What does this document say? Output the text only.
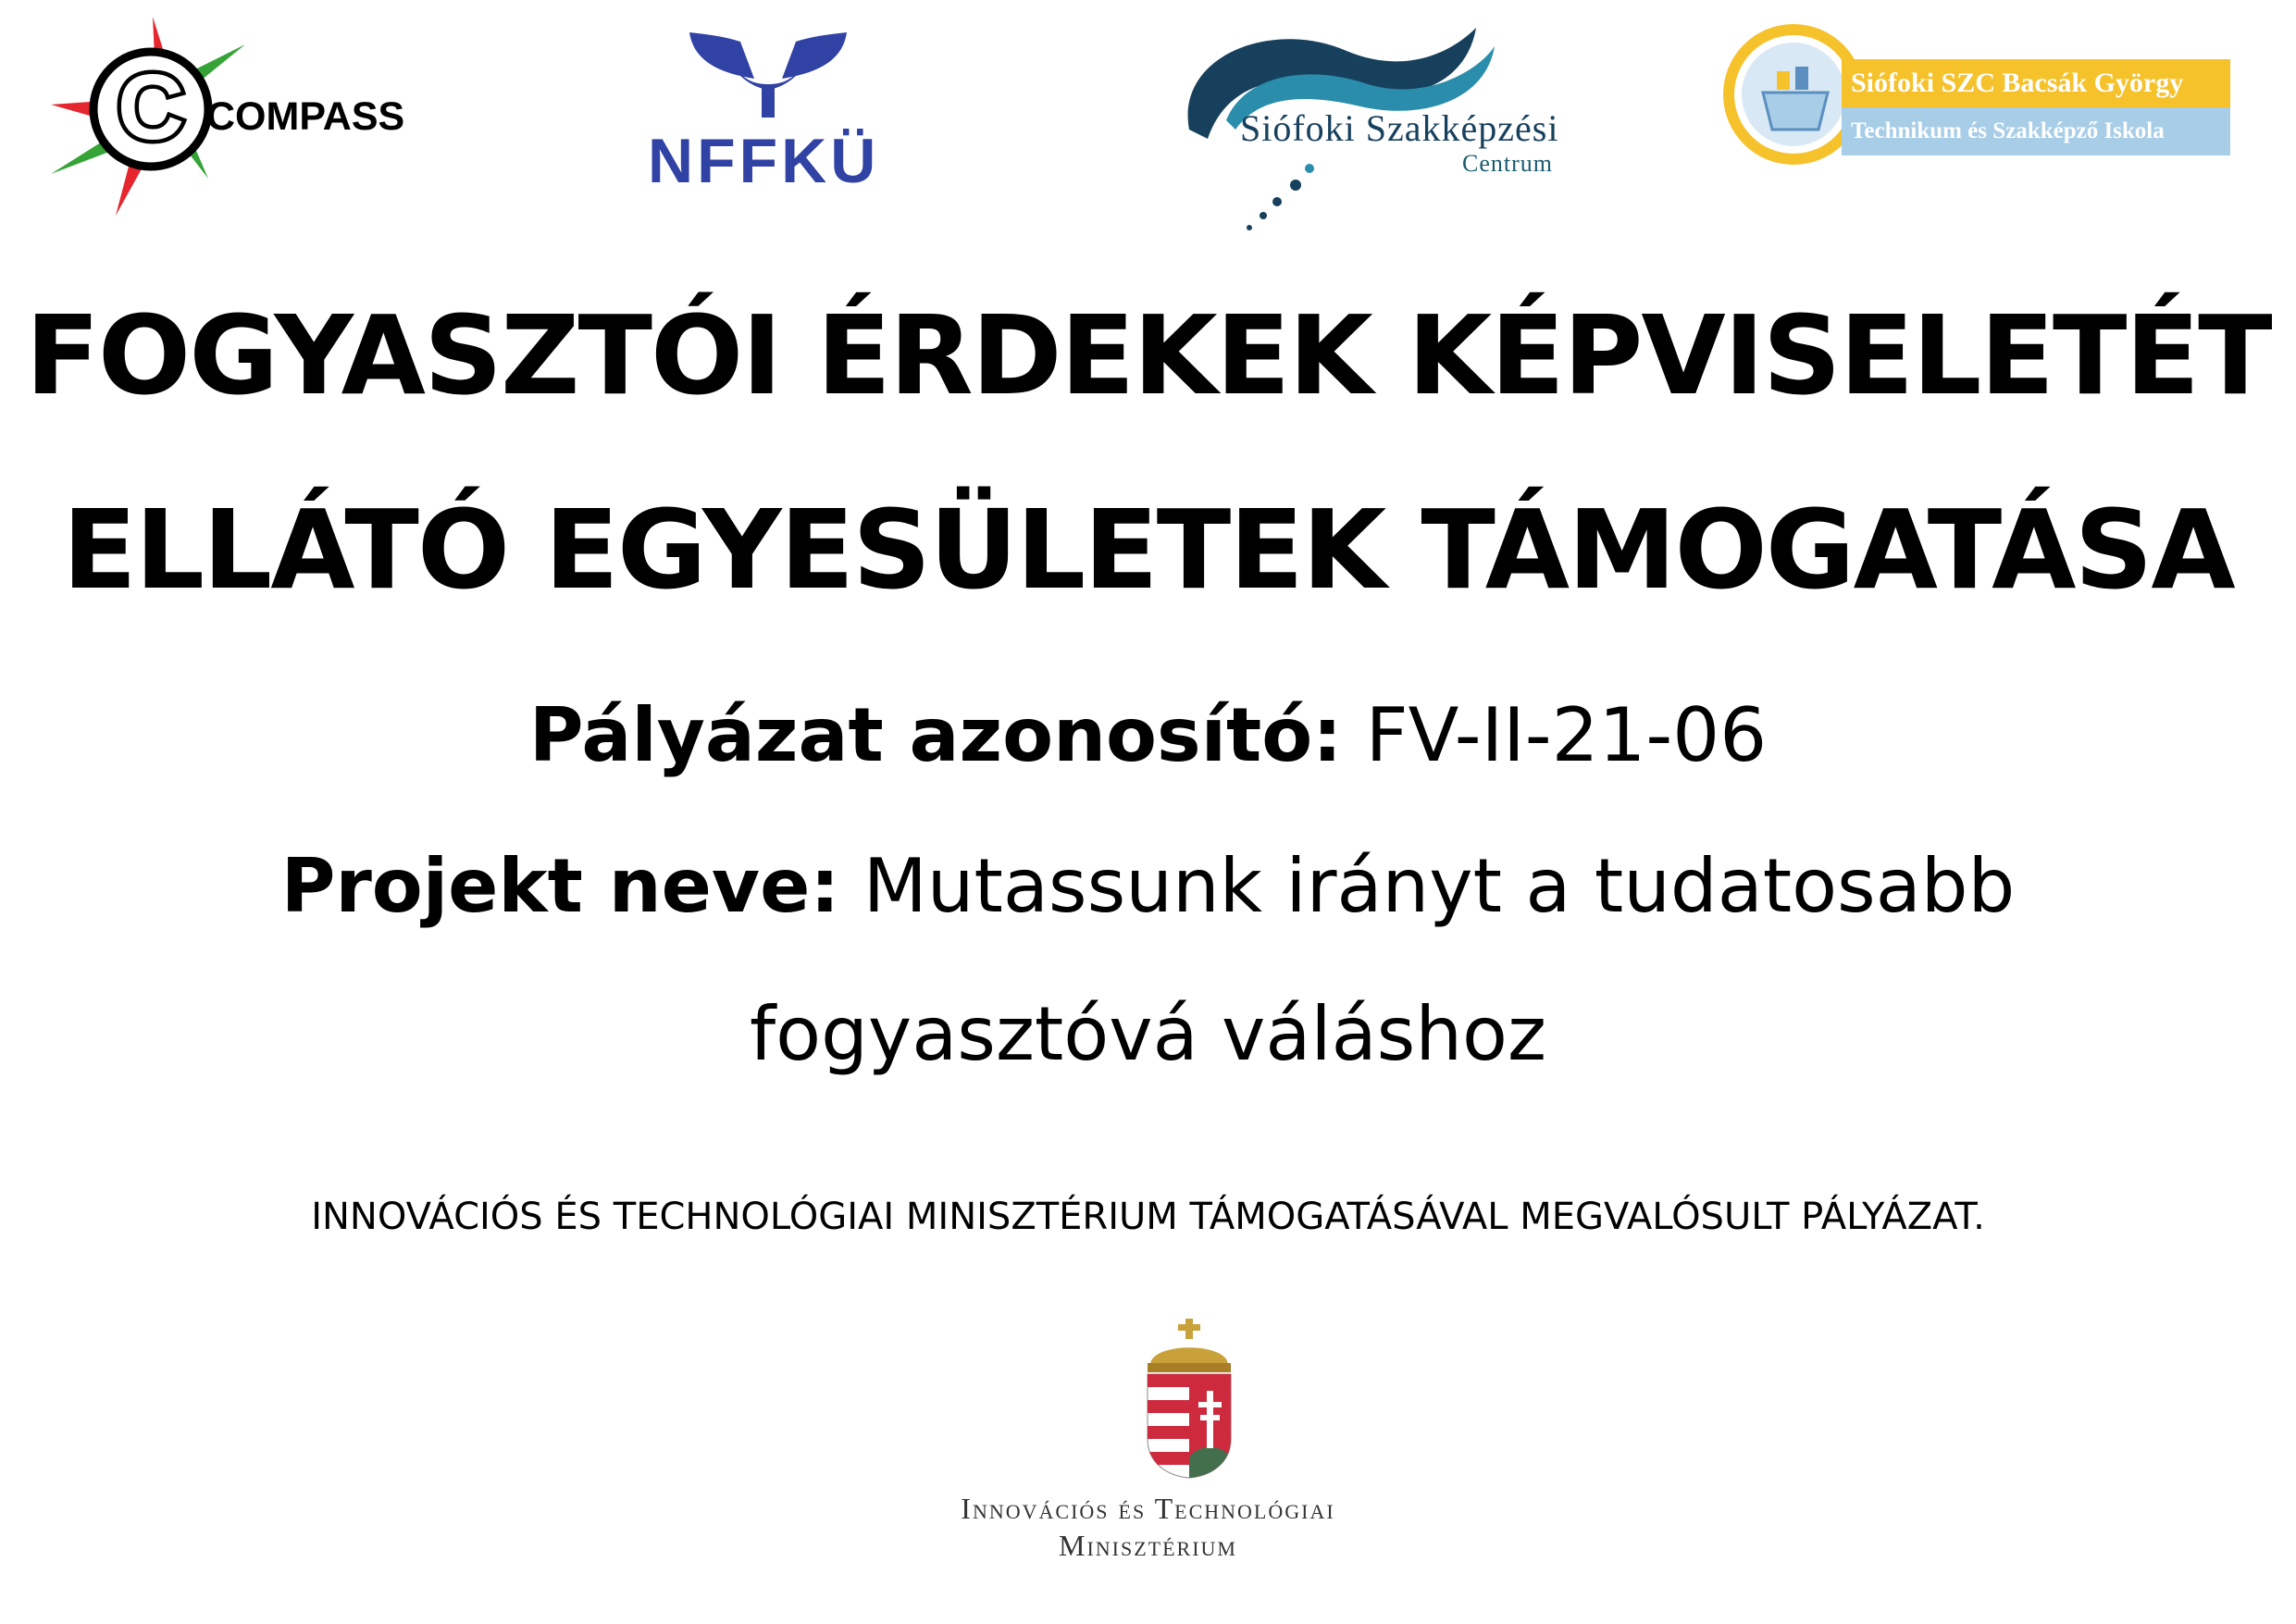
C COMPASS
NFFKÜ	Siófoki Szakképzési
Centrum
Siófoki SZC Bacsák György
Technikum és Szakképző Iskola
FOGYASZTÓI ÉRDEKEK KÉPVISELETÉT
ELLÁTÓ EGYESÜLETEK TÁMOGATÁSA
Pályázat azonosító: FV-II-21-06
Projekt neve: Mutassunk irányt a tudatosabb
fogyasztóvá váláshoz
INNOVÁCIÓS ÉS TECHNOLÓGIAI MINISZTÉRIUM TÁMOGATÁSÁVAL MEGVALÓSULT PÁLYÁZAT.
Innovációs és Technológiai
Minisztérium
